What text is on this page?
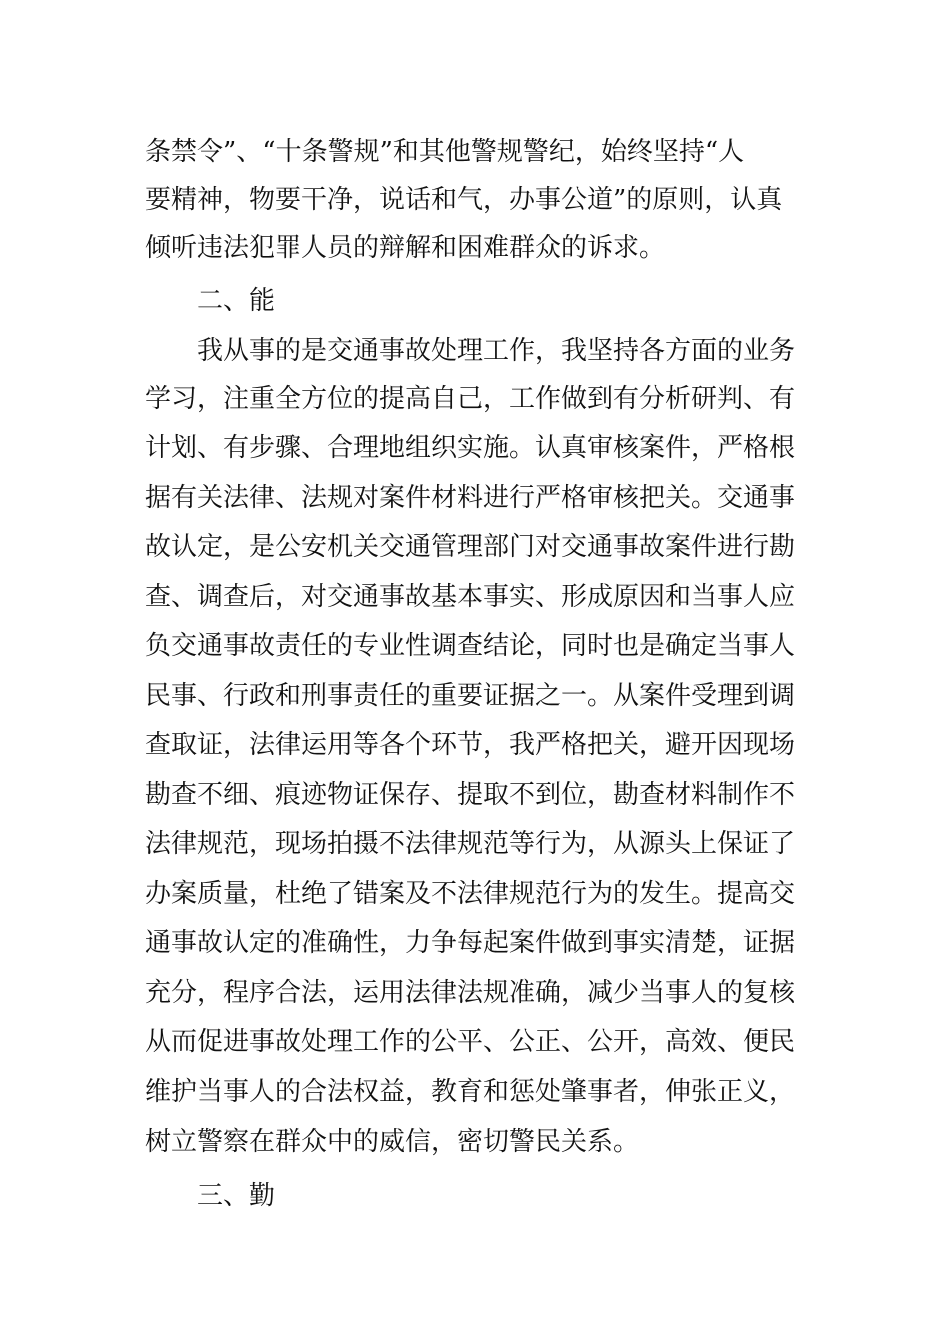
条禁令”、“十条警规”和其他警规警纪，始终坚持“人
要精神，物要干净，说话和气，办事公道”的原则，认真
倾听违法犯罪人员的辩解和困难群众的诉求。
二、能
我从事的是交通事故处理工作，我坚持各方面的业务
学习，注重全方位的提高自己，工作做到有分析研判、有
计划、有步骤、合理地组织实施。认真审核案件，严格根
据有关法律、法规对案件材料进行严格审核把关。交通事
故认定，是公安机关交通管理部门对交通事故案件进行勘
查、调查后，对交通事故基本事实、形成原因和当事人应
负交通事故责任的专业性调查结论，同时也是确定当事人
民事、行政和刑事责任的重要证据之一。从案件受理到调
查取证，法律运用等各个环节，我严格把关，避开因现场
勘查不细、痕迹物证保存、提取不到位，勘查材料制作不
法律规范，现场拍摄不法律规范等行为，从源头上保证了
办案质量，杜绝了错案及不法律规范行为的发生。提高交
通事故认定的准确性，力争每起案件做到事实清楚，证据
充分，程序合法，运用法律法规准确，减少当事人的复核
从而促进事故处理工作的公平、公正、公开，高效、便民
维护当事人的合法权益，教育和惩处肇事者，伸张正义，
树立警察在群众中的威信，密切警民关系。
三、勤
